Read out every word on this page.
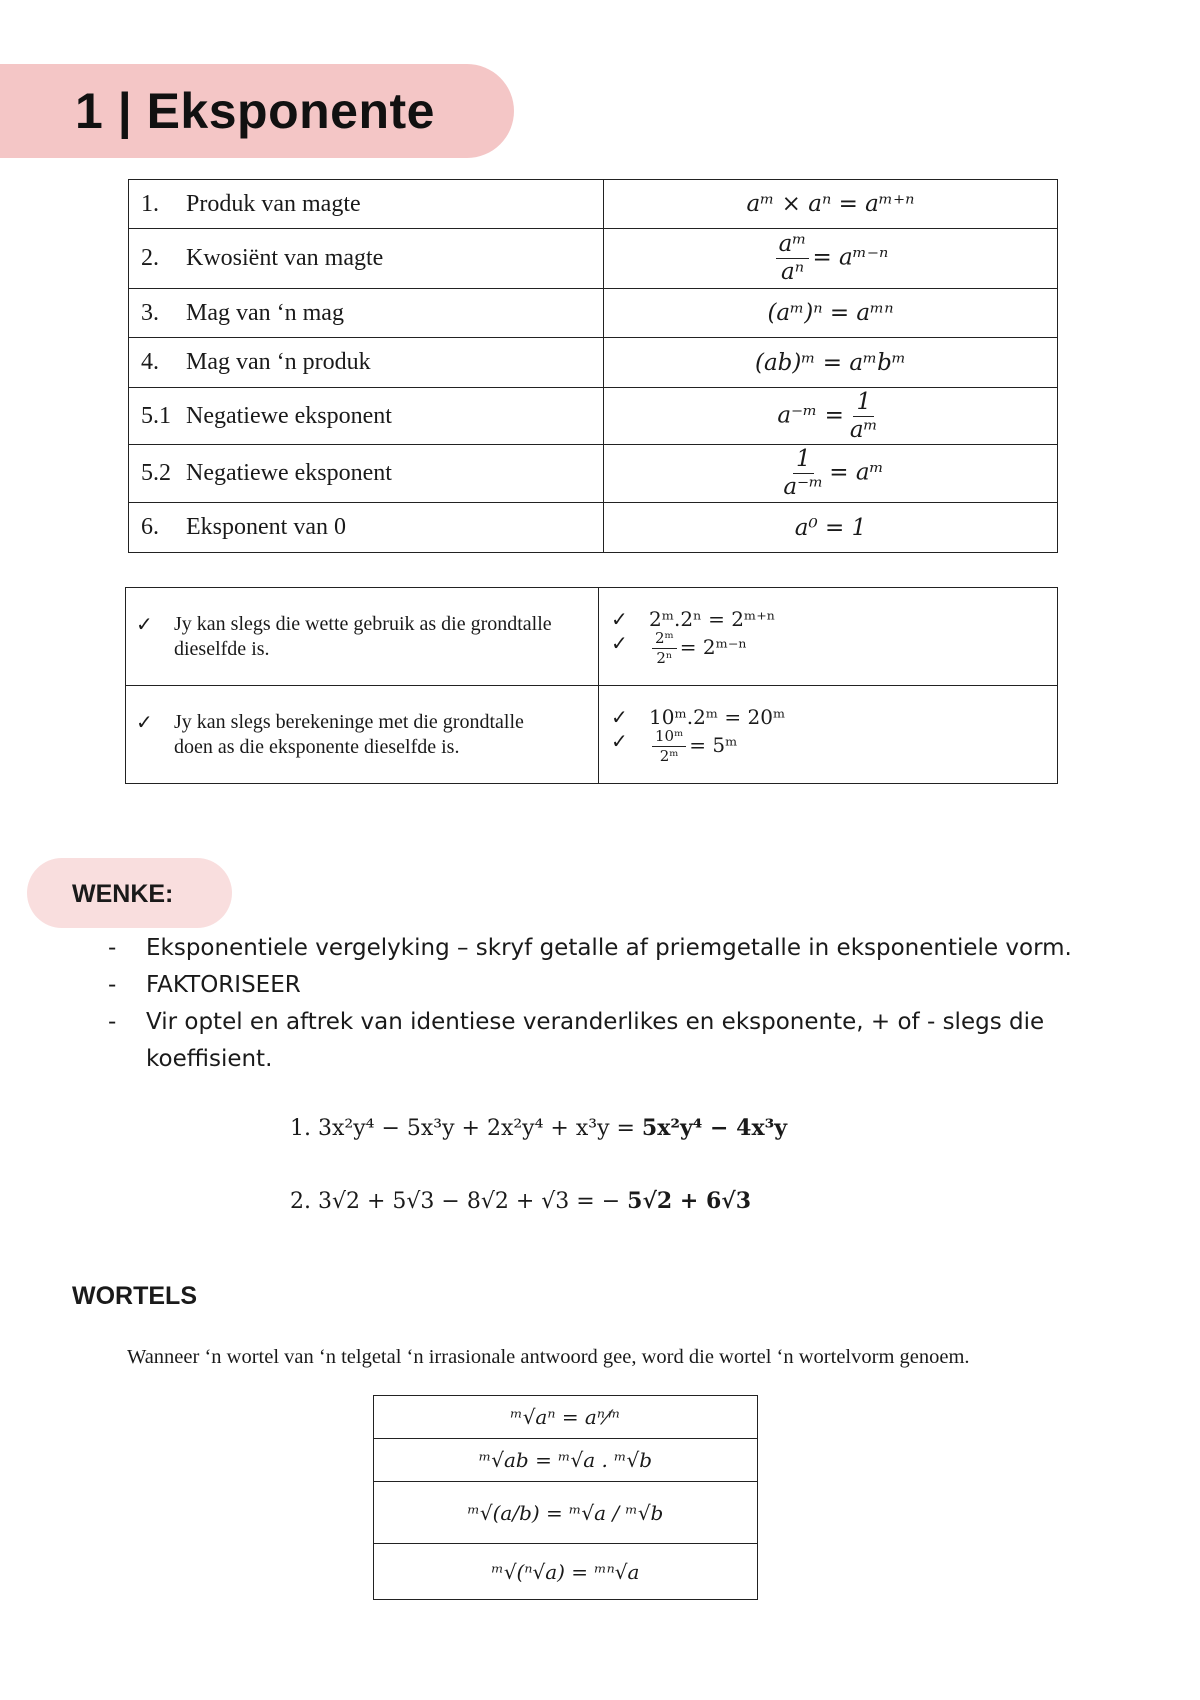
1 | Eksponente
1. Produk van magte	aᵐ × aⁿ = aᵐ⁺ⁿ
2. Kwosiënt van magte	$\frac{\text{aᵐ}}{\text{aⁿ}}$ = aᵐ⁻ⁿ
3. Mag van ‘n mag	(aᵐ)ⁿ = aᵐⁿ
4. Mag van ‘n produk	(ab)ᵐ = aᵐbᵐ
5.1 Negatiewe eksponent	a⁻ᵐ = $\frac{1}{\text{aᵐ}}$

5.2 Negatiewe eksponent	$\frac{1}{\text{a⁻ᵐ}}$ = aᵐ
6. Eksponent van 0	a⁰ = 1
✓ Jy kan slegs die wette gebruik as die grondtalle dieselfde is.	✓ 2ᵐ.2ⁿ = 2ᵐ⁺ⁿ
✓ $\frac{\text{2ᵐ}}{\text{2ⁿ}}$ = 2ᵐ⁻ⁿ

✓ Jy kan slegs berekeninge met die grondtalle doen as die eksponente dieselfde is.	✓ 10ᵐ.2ᵐ = 20ᵐ
✓ $\frac{\text{10ᵐ}}{\text{2ᵐ}}$ = 5ᵐ
WENKE:
- Eksponentiele vergelyking – skryf getalle af priemgetalle in eksponentiele vorm.
- FAKTORISEER
- Vir optel en aftrek van identiese veranderlikes en eksponente, + of - slegs die
koeffisient.
1. 3x²y⁴ − 5x³y + 2x²y⁴ + x³y = 5x²y⁴ − 4x³y
2. 3√2 + 5√3 − 8√2 + √3 = − 5√2 + 6√3
WORTELS
Wanneer ‘n wortel van ‘n telgetal ‘n irrasionale antwoord gee, word die wortel ‘n wortelvorm genoem.
ᵐ√aⁿ = aⁿ⁄ᵐ
ᵐ√ab = ᵐ√a . ᵐ√b
ᵐ√(a/b) = ᵐ√a / ᵐ√b
ᵐ√(ⁿ√a) = ᵐⁿ√a
